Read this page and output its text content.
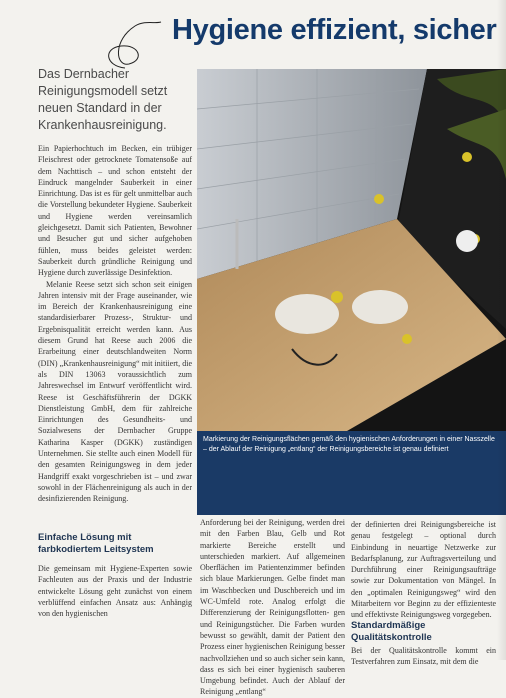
Hygiene effizient, sicher
Das Dernbacher Reinigungsmodell setzt neuen Standard in der Krankenhausreinigung.

Ein Papierhochtuch im Becken, ein trübiger Fleischrest oder getrocknete Tomatensoße auf dem Nachttisch – und schon entsteht der Eindruck mangelnder Sauberkeit in einer Einrichtung. Das ist es für gelt unmittelbar auch die Vorstellung bekundeter Hygiene. Sauberkeit und Hygiene werden vereinsamlich gleichgesetzt. Damit sich Patienten, Bewohner und Besucher gut und sicher aufgehoben fühlen, muss beides geleistet werden: Sauberkeit durch gründliche Reinigung und Hygiene durch zuverlässige Desinfektion.

Melanie Reese setzt sich schon seit einigen Jahren intensiv mit der Frage auseinander, wie im Bereich der Krankenhausreinigung eine standardisierbarer Prozess-, Struktur- und Ergebnisqualität erreicht werden kann. Aus diesem Grund hat Reese auch 2006 die Erarbeitung einer deutschlandweiten Norm (DIN) „Krankenhausreinigung“ mit initiiert, die als DIN 13063 voraussichtlich zum Jahreswechsel im Entwurf veröffentlicht wird. Reese ist Geschäftsführerin der DGKK Dienstleistung GmbH, dem für zahlreiche Einrichtungen des Gesundheits- und Sozialwesens der Dernbacher Gruppe Katharina Kasper (DGKK) zuständigen Unternehmen. Sie stellte auch einen Modell für den gesamten Reinigungsweg in dem jeder Handgriff exakt vorgeschrieben ist – und zwar sowohl in der Flächenreinigung als auch in der desinfizierenden Reinigung.

Einfache Lösung mit farbkodiertem Leitsystem

Die gemeinsam mit Hygiene-Experten sowie Fachleuten aus der Praxis und der Industrie entwickelte Lösung geht zunächst von einem verblüffend einfachen Ansatz aus: Anhängig von den hygienischen

Markierung der Reinigungsflächen gemäß den hygienischen Anforderungen in einer Nasszelle – der Ablauf der Reinigung „entlang“ der Reinigungsbereiche ist genau definiert

Anforderung bei der Reinigung, werden drei mit den Farben Blau, Gelb und Rot markierte Bereiche erstellt und unterschieden markiert. Auf allgemeinen Oberflächen im Patientenzimmer befinden sich blaue Markierungen. Gelbe findet man im Waschbecken und Duschbereich und im WC-Umfeld rote. Analog erfolgt die Differenzierung der Reinigungsflotten- gen und Reinigungstücher. Die Farben wurden bewusst so gewählt, damit der Patient den Prozess einer hygienischen Reinigung besser nachvollziehen und so auch sicher sein kann, dass es sich bei einer hygienisch sauberen Umgebung befindet. Auch der Ablauf der Reinigung „entlang“

der definierten drei Reinigungsbereiche ist genau festgelegt – optional durch Einbindung in neuartige Netzwerke zur Bedarfsplanung, zur Auftragsverteilung und Durchführung einer Reinigungsaufträge sowie zur Dokumentation von Mängel. In den „optimalen Reinigungsweg“ wird den Mitarbeitern vor Beginn zu der effizienteste und effektivste Reinigungsweg vorgegeben.

Standardmäßige Qualitätskontrolle

Bei der Qualitätskontrolle kommt ein Testverfahren zum Einsatz, mit dem die
